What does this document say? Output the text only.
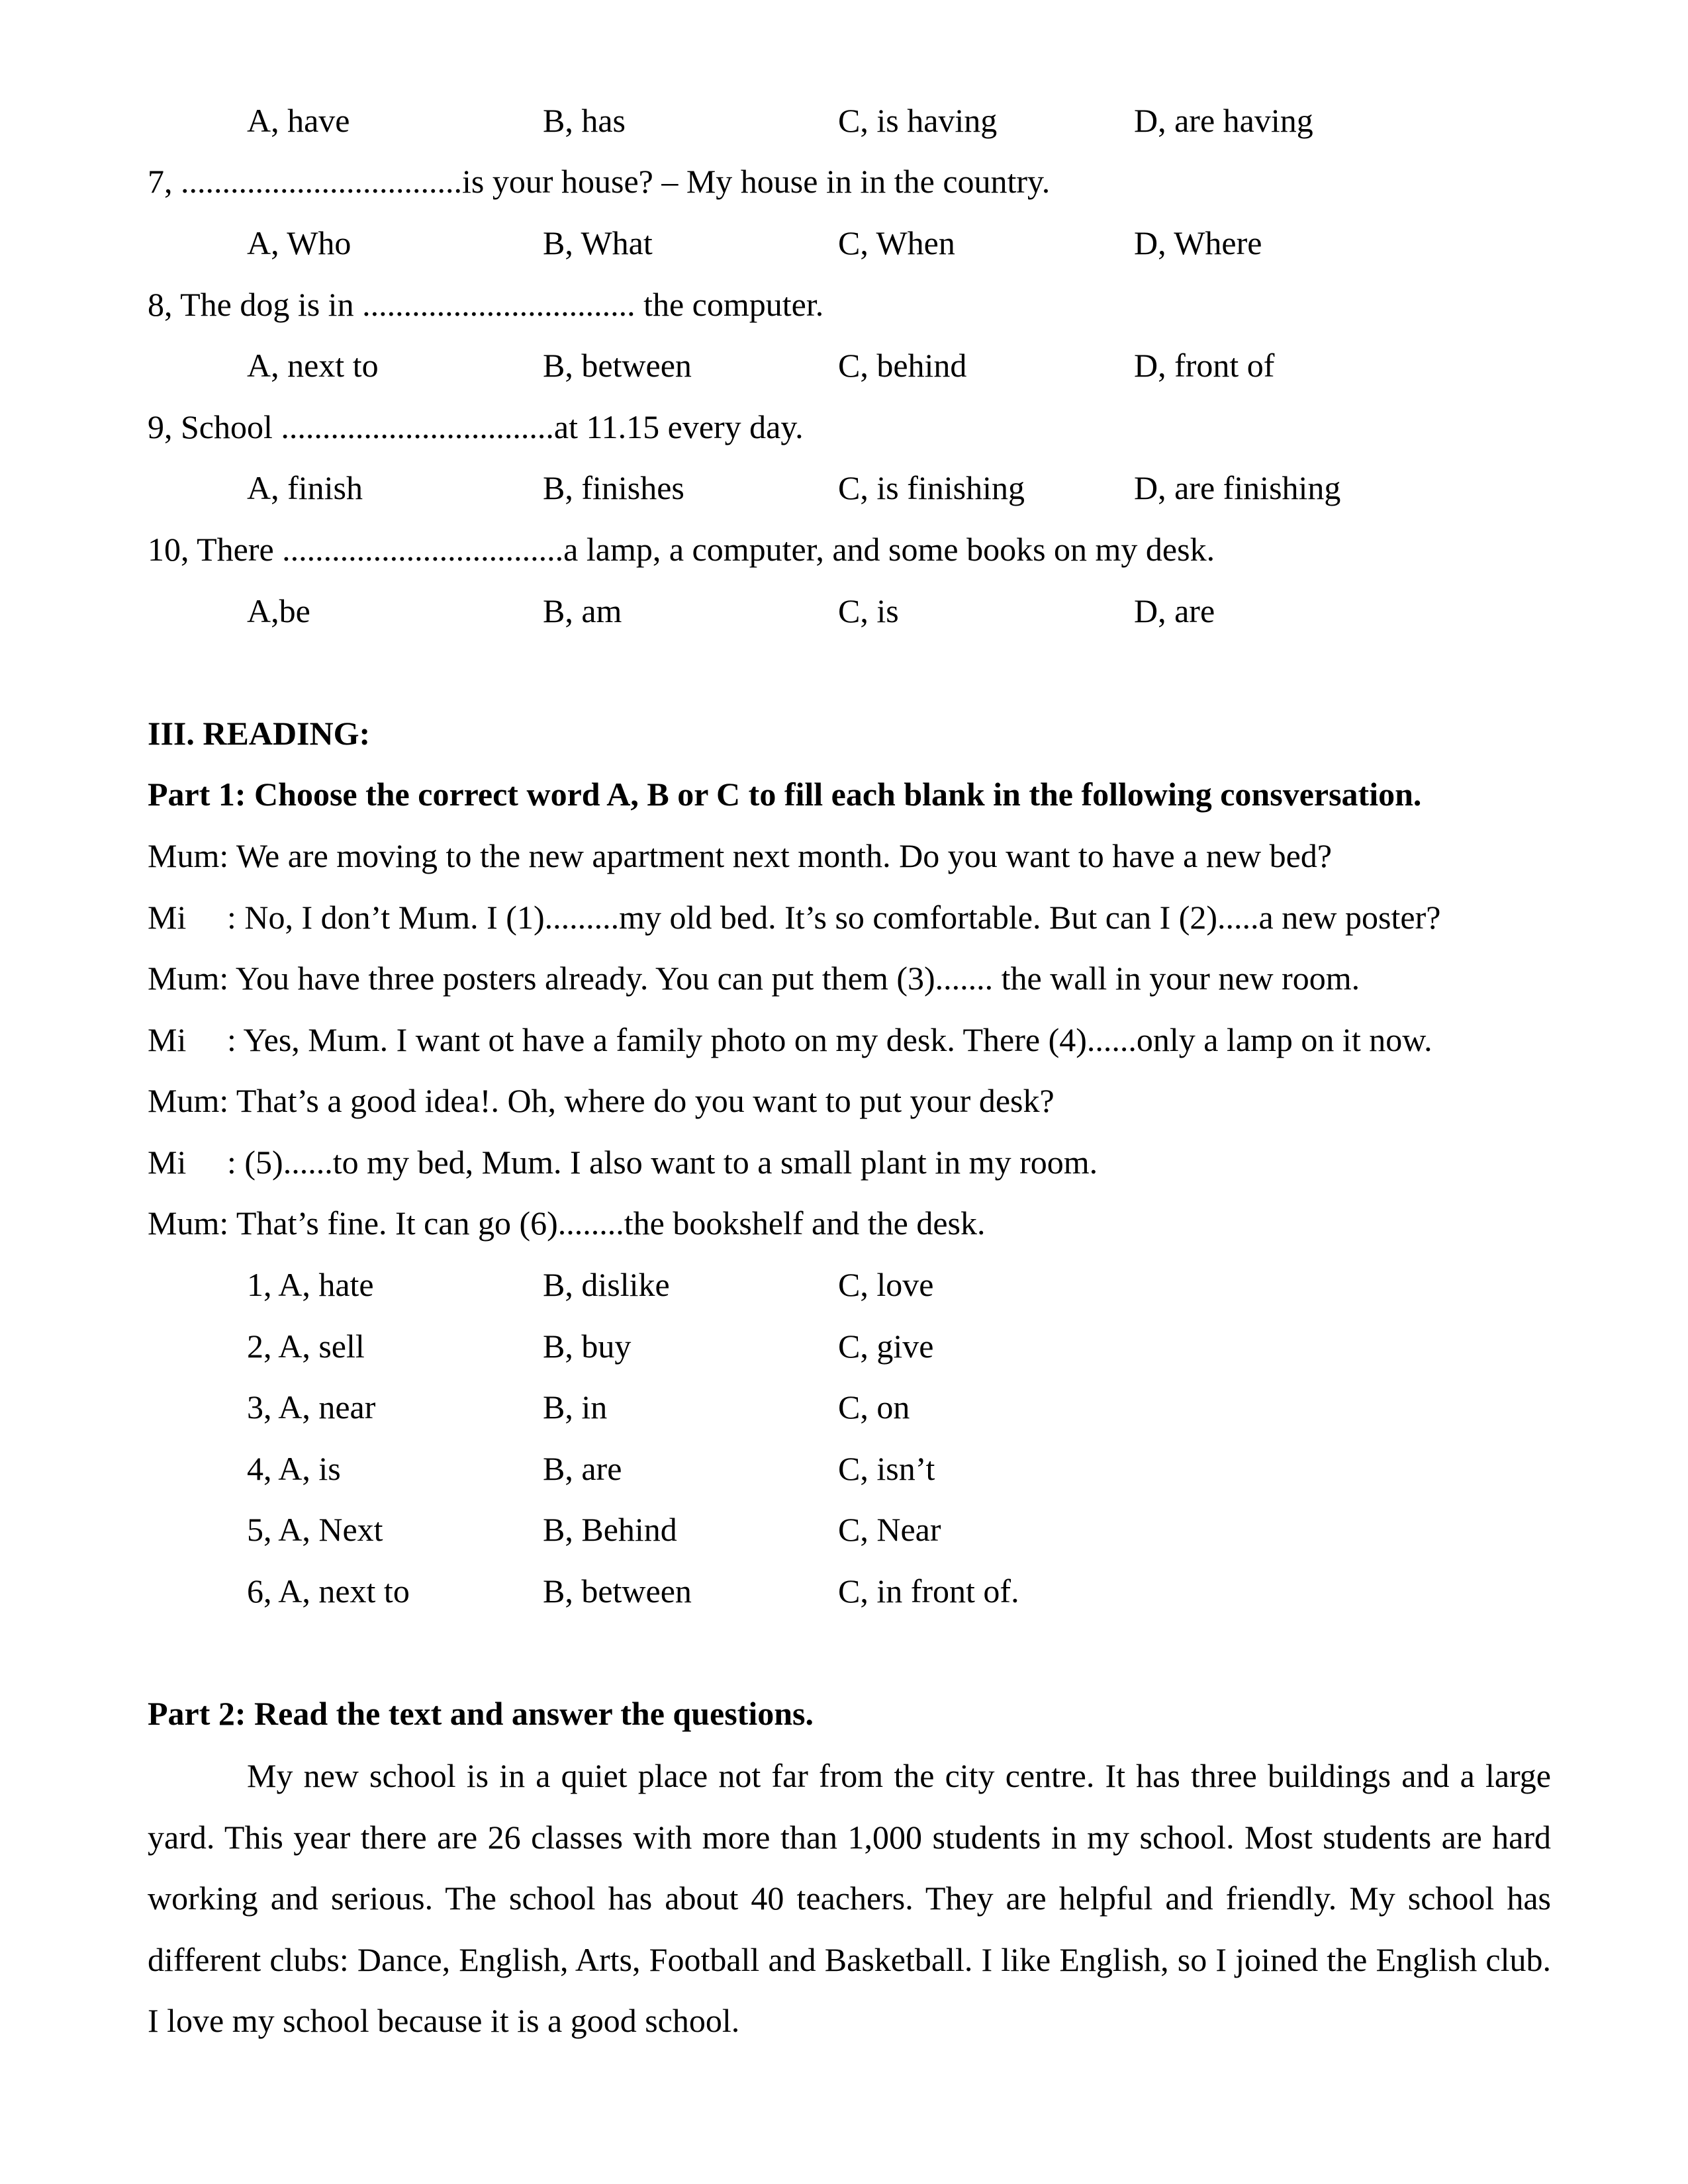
A, have	B, has	C, is having	D, are having
7, ..................................is your house? – My house in in the country.
A, Who	B, What	C, When	D, Where
8, The dog is in ................................. the computer.
A, next to	B, between	C, behind	D, front of
9, School .................................at 11.15 every day.
A, finish	B, finishes	C, is finishing	D, are finishing
10, There ..................................a lamp, a computer, and some books on my desk.
A,be	B, am	C, is	D, are
III. READING:
Part 1: Choose the correct word A, B or C to fill each blank in the following consversation.
Mum: We are moving to the new apartment next month. Do you want to have a new bed?
Mi : No, I don’t Mum. I (1).........my old bed. It’s so comfortable. But can I (2).....a new poster?
Mum: You have three posters already. You can put them (3)....... the wall in your new room.
Mi : Yes, Mum. I want ot have a family photo on my desk. There (4)......only a lamp on it now.
Mum: That’s a good idea!. Oh, where do you want to put your desk?
Mi : (5)......to my bed, Mum. I also want to a small plant in my room.
Mum: That’s fine. It can go (6)........the bookshelf and the desk.
1, A, hate	B, dislike	C, love
2, A, sell	B, buy	C, give
3, A, near	B, in	C, on
4, A, is	B, are	C, isn’t
5, A, Next	B, Behind	C, Near
6, A, next to	B, between	C, in front of.
Part 2: Read the text and answer the questions.
My new school is in a quiet place not far from the city centre. It has three buildings and a large yard. This year there are 26 classes with more than 1,000 students in my school. Most students are hard working and serious. The school has about 40 teachers. They are helpful and friendly. My school has different clubs: Dance, English, Arts, Football and Basketball. I like English, so I joined the English club. I love my school because it is a good school.
